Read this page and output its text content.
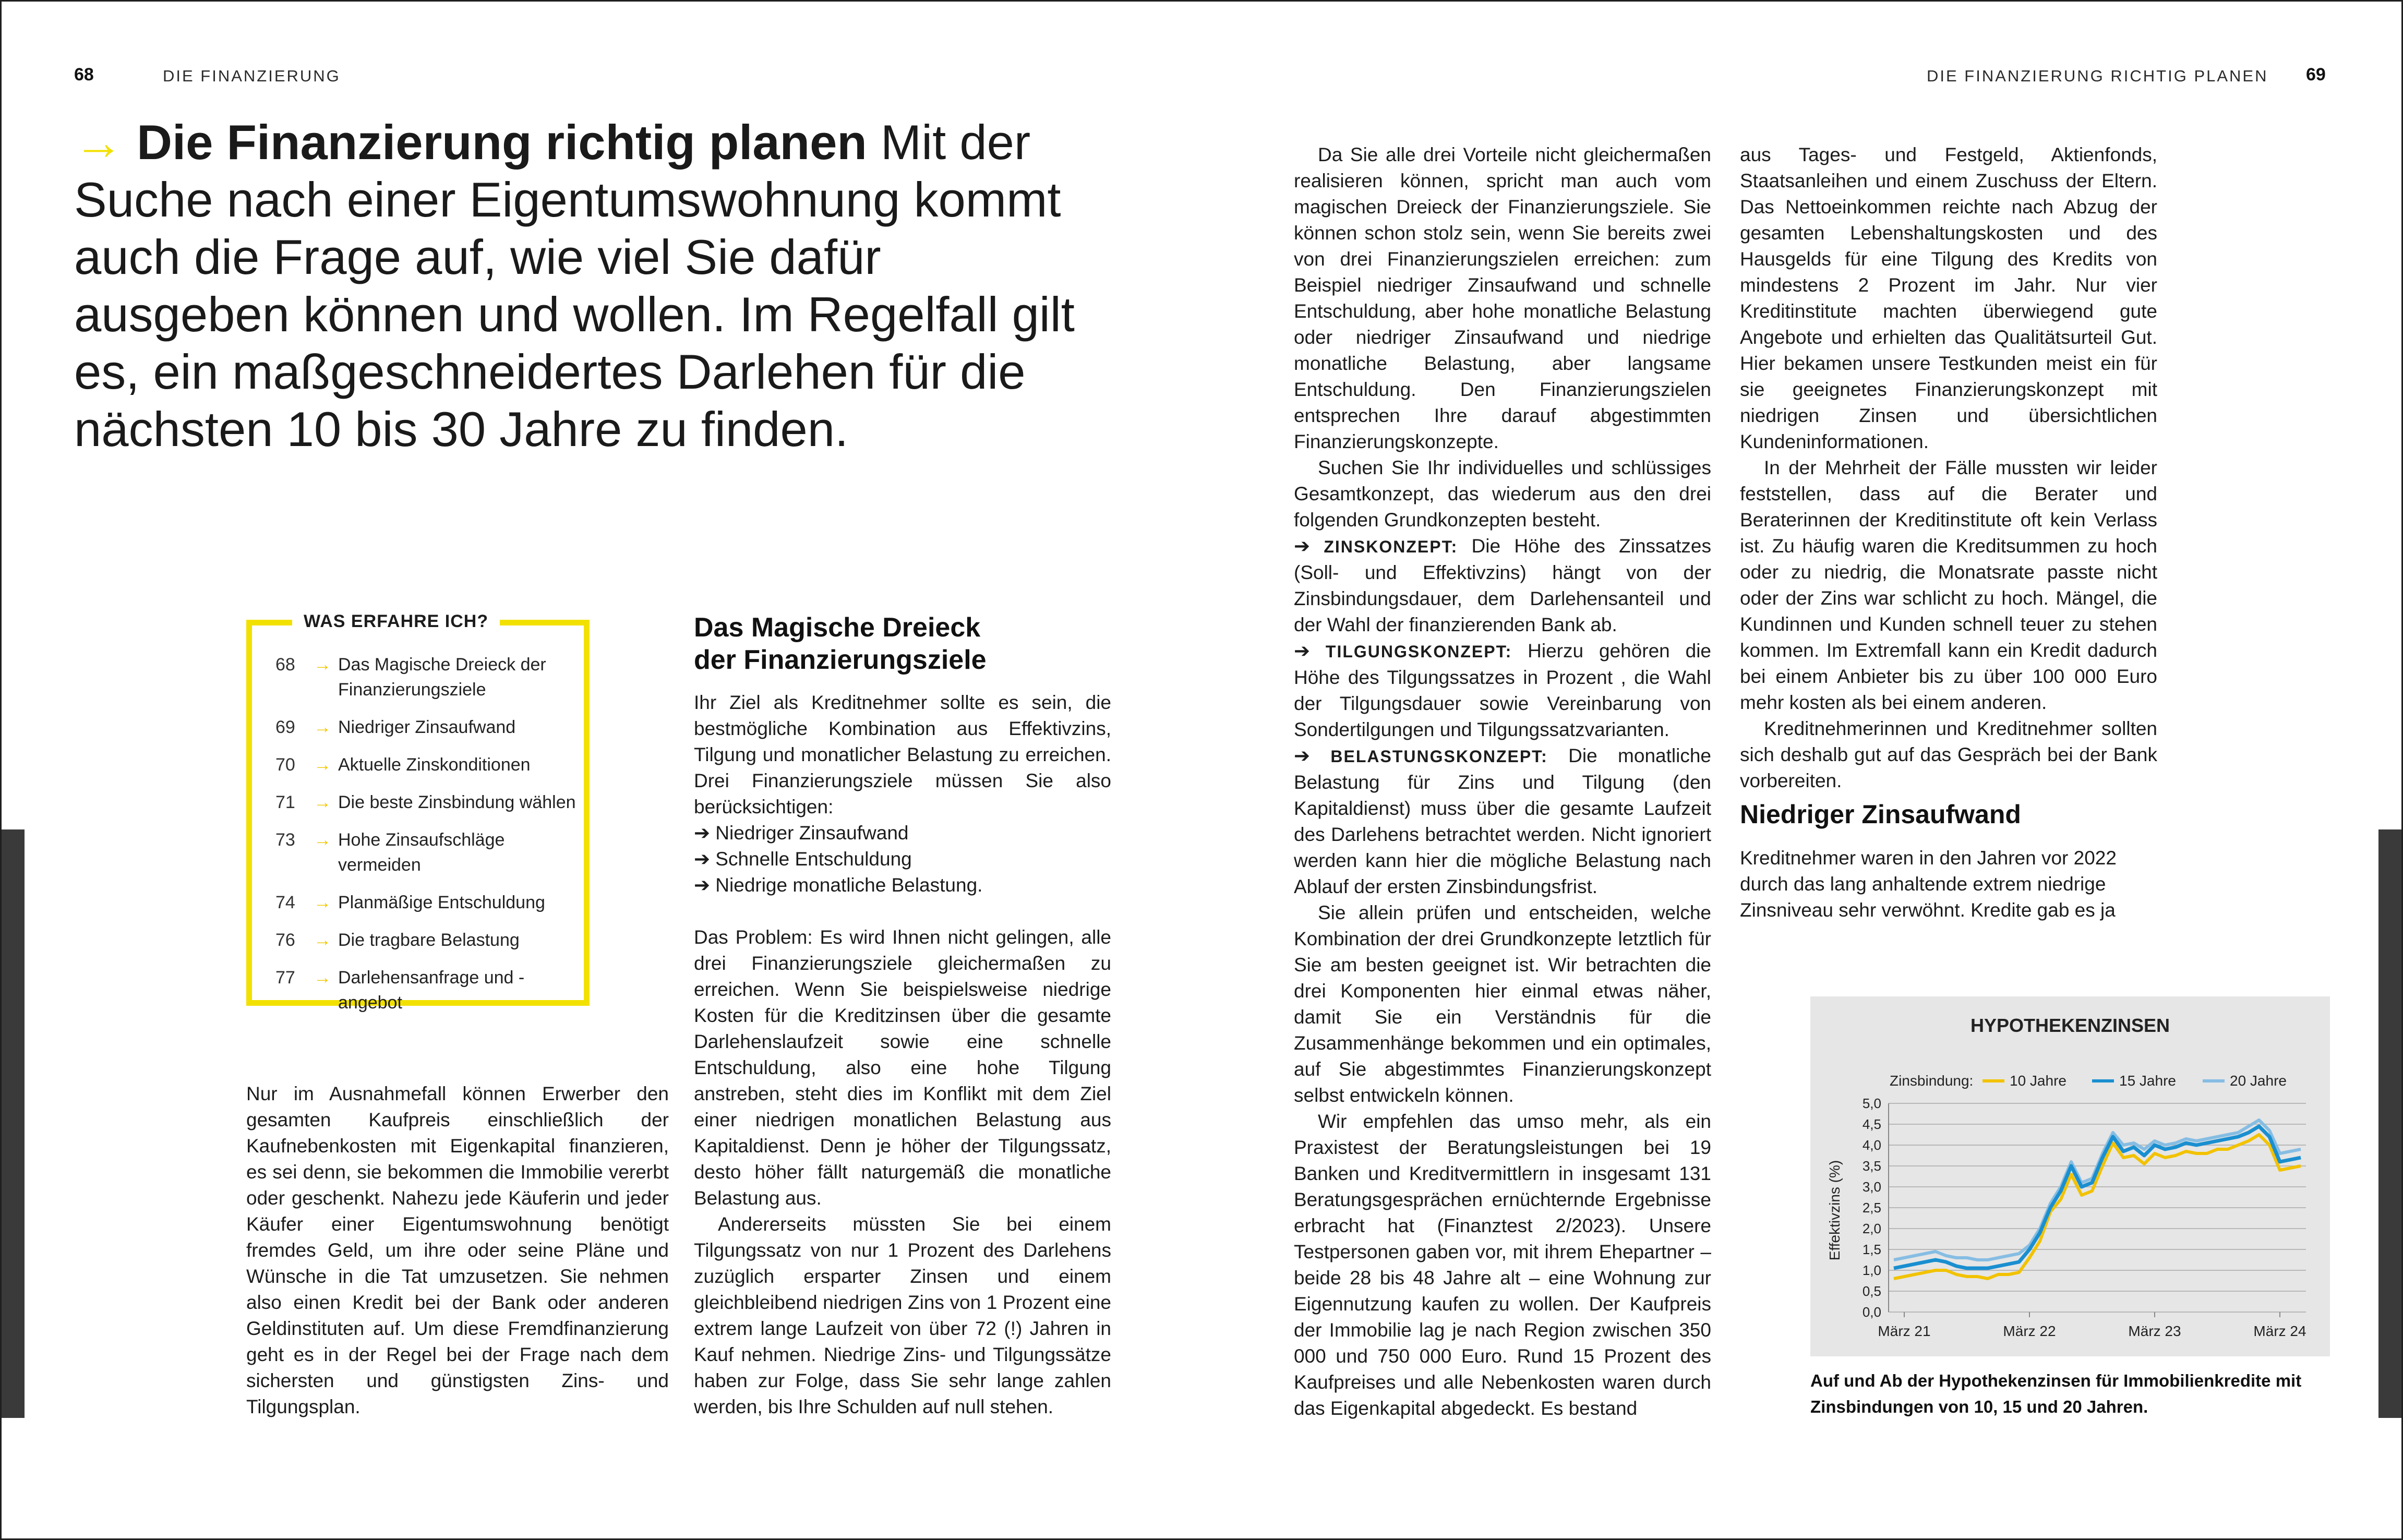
68	DIE FINANZIERUNG	DIE FINANZIERUNG RICHTIG PLANEN 69
→ Die Finanzierung richtig planen Mit der Suche nach einer Eigentumswohnung kommt auch die Frage auf, wie viel Sie dafür ausgeben können und wollen. Im Regelfall gilt es, ein maßgeschneidertes Darlehen für die nächsten 10 bis 30 Jahre zu finden.
WAS ERFAHRE ICH?
68	→ Das Magische Dreieck der Finanzierungsziele
69	→ Niedriger Zinsaufwand
70	→ Aktuelle Zinskonditionen
71	→ Die beste Zinsbindung wählen
73	→ Hohe Zinsaufschläge vermeiden
74	→ Planmäßige Entschuldung
76	→ Die tragbare Belastung
77	→ Darlehensanfrage und -angebot
Nur im Ausnahmefall können Erwerber den gesamten Kaufpreis einschließlich der Kaufnebenkosten mit Eigenkapital finanzieren, es sei denn, sie bekommen die Immobilie vererbt oder geschenkt. Nahezu jede Käuferin und jeder Käufer einer Eigentumswohnung benötigt fremdes Geld, um ihre oder seine Pläne und Wünsche in die Tat umzusetzen. Sie nehmen also einen Kredit bei der Bank oder anderen Geldinstituten auf. Um diese Fremdfinanzierung geht es in der Regel bei der Frage nach dem sichersten und günstigsten Zins- und Tilgungsplan.
Das Magische Dreieck
der Finanzierungsziele
Ihr Ziel als Kreditnehmer sollte es sein, die bestmögliche Kombination aus Effektivzins, Tilgung und monatlicher Belastung zu erreichen. Drei Finanzierungsziele müssen Sie also berücksichtigen:
➔ Niedriger Zinsaufwand
➔ Schnelle Entschuldung
➔ Niedrige monatliche Belastung.
Das Problem: Es wird Ihnen nicht gelingen, alle drei Finanzierungsziele gleichermaßen zu erreichen. Wenn Sie beispielsweise niedrige Kosten für die Kreditzinsen über die gesamte Darlehenslaufzeit sowie eine schnelle Entschuldung, also eine hohe Tilgung anstreben, steht dies im Konflikt mit dem Ziel einer niedrigen monatlichen Belastung aus Kapitaldienst. Denn je höher der Tilgungssatz, desto höher fällt naturgemäß die monatliche Belastung aus.
Andererseits müssten Sie bei einem Tilgungssatz von nur 1 Prozent des Darlehens zuzüglich ersparter Zinsen und einem gleichbleibend niedrigen Zins von 1 Prozent eine extrem lange Laufzeit von über 72 (!) Jahren in Kauf nehmen. Niedrige Zins- und Tilgungssätze haben zur Folge, dass Sie sehr lange zahlen werden, bis Ihre Schulden auf null stehen.
Da Sie alle drei Vorteile nicht gleichermaßen realisieren können, spricht man auch vom magischen Dreieck der Finanzierungsziele. Sie können schon stolz sein, wenn Sie bereits zwei von drei Finanzierungszielen erreichen: zum Beispiel niedriger Zinsaufwand und schnelle Entschuldung, aber hohe monatliche Belastung oder niedriger Zinsaufwand und niedrige monatliche Belastung, aber langsame Entschuldung. Den Finanzierungszielen entsprechen Ihre darauf abgestimmten Finanzierungskonzepte.
Suchen Sie Ihr individuelles und schlüssiges Gesamtkonzept, das wiederum aus den drei folgenden Grundkonzepten besteht.
➔ ZINSKONZEPT: Die Höhe des Zinssatzes (Soll- und Effektivzins) hängt von der Zinsbindungsdauer, dem Darlehensanteil und der Wahl der finanzierenden Bank ab.
➔ TILGUNGSKONZEPT: Hierzu gehören die Höhe des Tilgungssatzes in Prozent , die Wahl der Tilgungsdauer sowie Vereinbarung von Sondertilgungen und Tilgungssatzvarianten.
➔ BELASTUNGSKONZEPT: Die monatliche Belastung für Zins und Tilgung (den Kapitaldienst) muss über die gesamte Laufzeit des Darlehens betrachtet werden. Nicht ignoriert werden kann hier die mögliche Belastung nach Ablauf der ersten Zinsbindungsfrist.
Sie allein prüfen und entscheiden, welche Kombination der drei Grundkonzepte letztlich für Sie am besten geeignet ist. Wir betrachten die drei Komponenten hier einmal etwas näher, damit Sie ein Verständnis für die Zusammenhänge bekommen und ein optimales, auf Sie abgestimmtes Finanzierungskonzept selbst entwickeln können.
Wir empfehlen das umso mehr, als ein Praxistest der Beratungsleistungen bei 19 Banken und Kreditvermittlern in insgesamt 131 Beratungsgesprächen ernüchternde Ergebnisse erbracht hat (Finanztest 2/2023). Unsere Testpersonen gaben vor, mit ihrem Ehepartner – beide 28 bis 48 Jahre alt – eine Wohnung zur Eigennutzung kaufen zu wollen. Der Kaufpreis der Immobilie lag je nach Region zwischen 350 000 und 750 000 Euro. Rund 15 Prozent des Kaufpreises und alle Nebenkosten waren durch das Eigenkapital abgedeckt. Es bestand
aus Tages- und Festgeld, Aktienfonds, Staatsanleihen und einem Zuschuss der Eltern. Das Nettoeinkommen reichte nach Abzug der gesamten Lebenshaltungskosten und des Hausgelds für eine Tilgung des Kredits von mindestens 2 Prozent im Jahr. Nur vier Kreditinstitute machten überwiegend gute Angebote und erhielten das Qualitätsurteil Gut. Hier bekamen unsere Testkunden meist ein für sie geeignetes Finanzierungskonzept mit niedrigen Zinsen und übersichtlichen Kundeninformationen.
In der Mehrheit der Fälle mussten wir leider feststellen, dass auf die Berater und Beraterinnen der Kreditinstitute oft kein Verlass ist. Zu häufig waren die Kreditsummen zu hoch oder zu niedrig, die Monatsrate passte nicht oder der Zins war schlicht zu hoch. Mängel, die Kundinnen und Kunden schnell teuer zu stehen kommen. Im Extremfall kann ein Kredit dadurch bei einem Anbieter bis zu über 100 000 Euro mehr kosten als bei einem anderen.
Kreditnehmerinnen und Kreditnehmer sollten sich deshalb gut auf das Gespräch bei der Bank vorbereiten.
Niedriger Zinsaufwand
Kreditnehmer waren in den Jahren vor 2022 durch das lang anhaltende extrem niedrige Zinsniveau sehr verwöhnt. Kredite gab es ja
HYPOTHEKENZINSEN
Zinsbindung: 10 Jahre	15 Jahre	20 Jahre
Effektivzins (%)
0,0
0,5
1,0
1,5
2,0
2,5
3,0
3,5
4,0
4,5
5,0
März 21	März 22	März 23	März 24
Auf und Ab der Hypothekenzinsen für Immobilienkredite mit Zinsbindungen von 10, 15 und 20 Jahren.
